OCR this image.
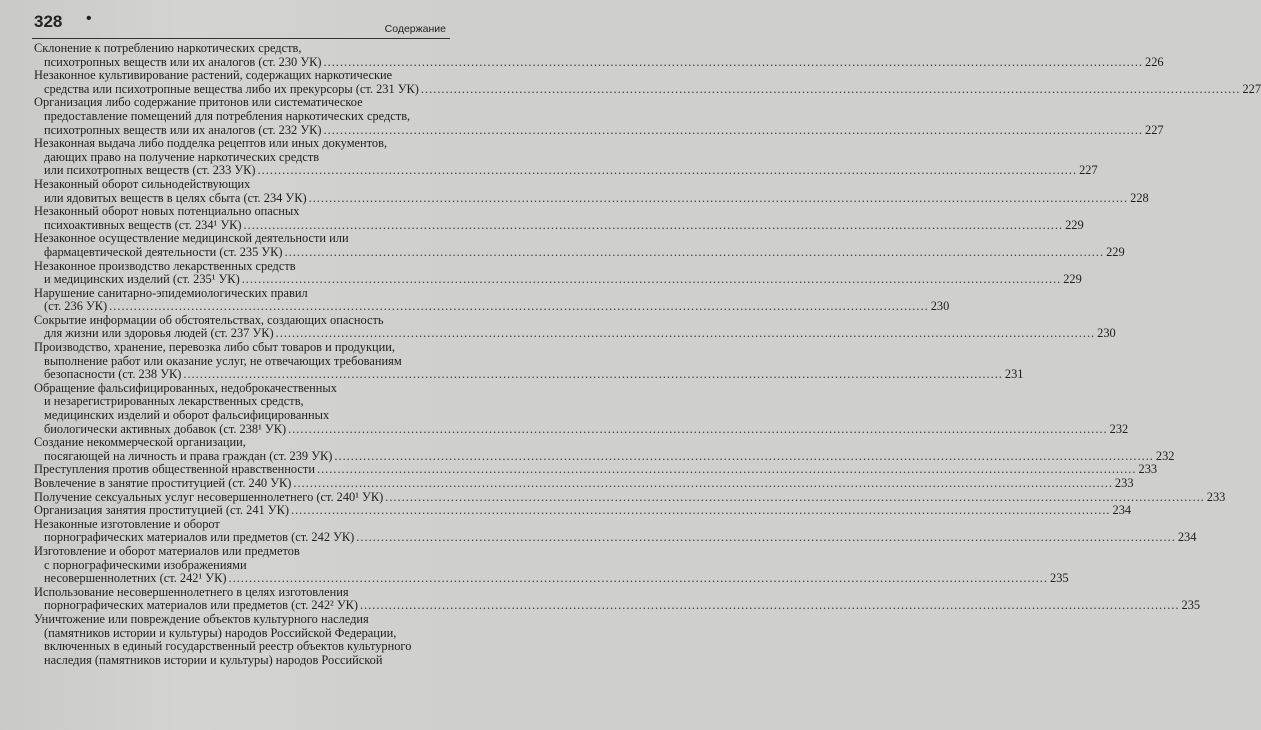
328 •
Содержание
Склонение к потреблению наркотических средств,
психотропных веществ или их аналогов (ст. 230 УК) ........................................................................................................................................................................................................ 226
Незаконное культивирование растений, содержащих наркотические
средства или психотропные вещества либо их прекурсоры (ст. 231 УК) ........................................................................................................................................................................................................ 227
Организация либо содержание притонов или систематическое
предоставление помещений для потребления наркотических средств,
психотропных веществ или их аналогов (ст. 232 УК) ........................................................................................................................................................................................................ 227
Незаконная выдача либо подделка рецептов или иных документов,
дающих право на получение наркотических средств
или психотропных веществ (ст. 233 УК) ........................................................................................................................................................................................................ 227
Незаконный оборот сильнодействующих
или ядовитых веществ в целях сбыта (ст. 234 УК) ........................................................................................................................................................................................................ 228
Незаконный оборот новых потенциально опасных
психоактивных веществ (ст. 234¹ УК) ........................................................................................................................................................................................................ 229
Незаконное осуществление медицинской деятельности или
фармацевтической деятельности (ст. 235 УК) ........................................................................................................................................................................................................ 229
Незаконное производство лекарственных средств
и медицинских изделий (ст. 235¹ УК) ........................................................................................................................................................................................................ 229
Нарушение санитарно-эпидемиологических правил
(ст. 236 УК) ........................................................................................................................................................................................................ 230
Сокрытие информации об обстоятельствах, создающих опасность
для жизни или здоровья людей (ст. 237 УК) ........................................................................................................................................................................................................ 230
Производство, хранение, перевозка либо сбыт товаров и продукции,
выполнение работ или оказание услуг, не отвечающих требованиям
безопасности (ст. 238 УК) ........................................................................................................................................................................................................ 231
Обращение фальсифицированных, недоброкачественных
и незарегистрированных лекарственных средств,
медицинских изделий и оборот фальсифицированных
биологически активных добавок (ст. 238¹ УК) ........................................................................................................................................................................................................ 232
Создание некоммерческой организации,
посягающей на личность и права граждан (ст. 239 УК) ........................................................................................................................................................................................................ 232
Преступления против общественной нравственности ........................................................................................................................................................................................................ 233
Вовлечение в занятие проституцией (ст. 240 УК) ........................................................................................................................................................................................................ 233
Получение сексуальных услуг несовершеннолетнего (ст. 240¹ УК) ........................................................................................................................................................................................................ 233
Организация занятия проституцией (ст. 241 УК) ........................................................................................................................................................................................................ 234
Незаконные изготовление и оборот
порнографических материалов или предметов (ст. 242 УК) ........................................................................................................................................................................................................ 234
Изготовление и оборот материалов или предметов
с порнографическими изображениями
несовершеннолетних (ст. 242¹ УК) ........................................................................................................................................................................................................ 235
Использование несовершеннолетнего в целях изготовления
порнографических материалов или предметов (ст. 242² УК) ........................................................................................................................................................................................................ 235
Уничтожение или повреждение объектов культурного наследия
(памятников истории и культуры) народов Российской Федерации,
включенных в единый государственный реестр объектов культурного
наследия (памятников истории и культуры) народов Российской
